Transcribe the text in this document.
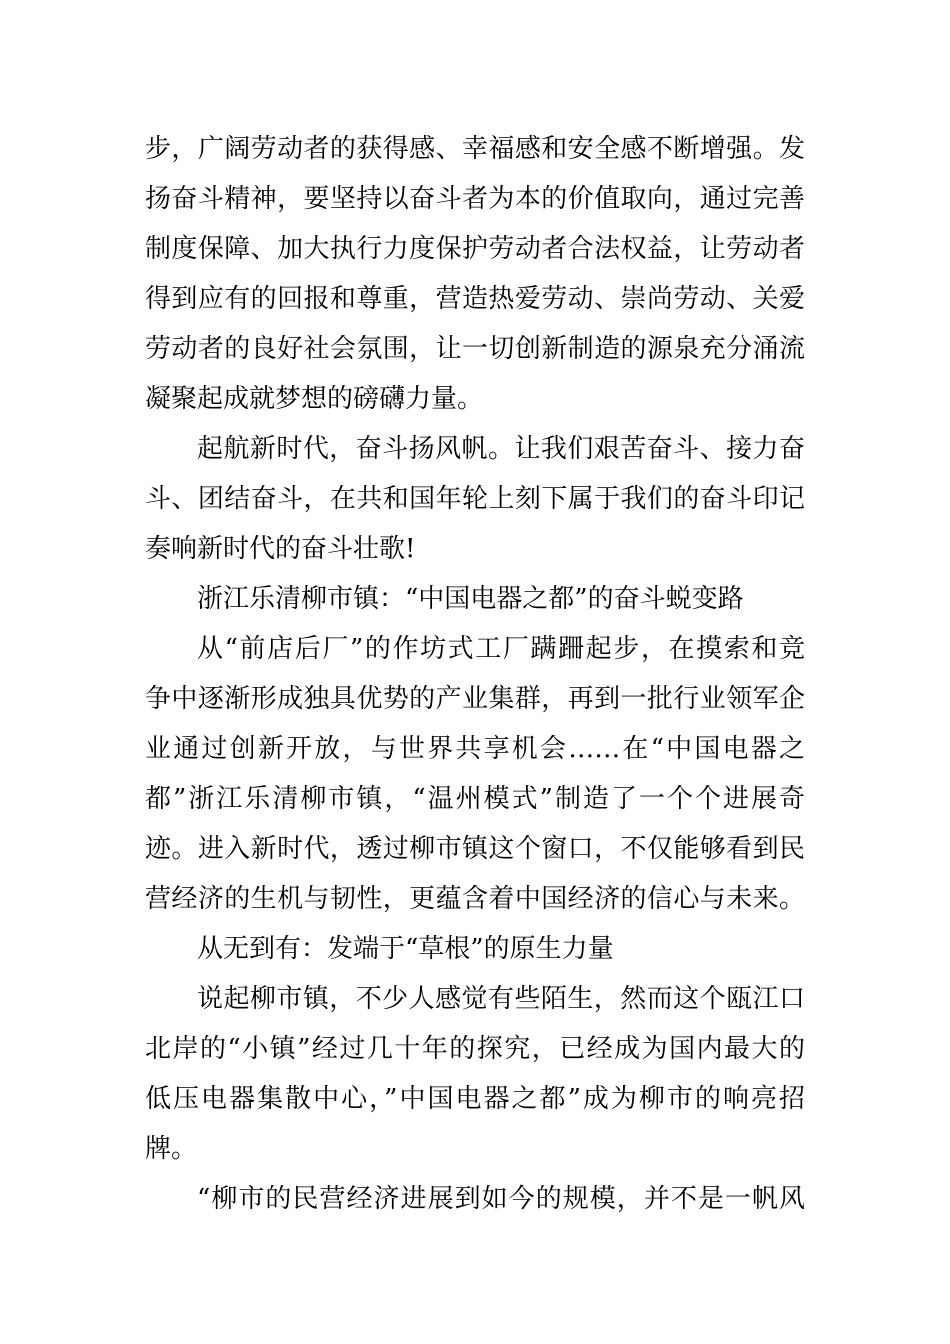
步，广阔劳动者的获得感、幸福感和安全感不断增强。发
扬奋斗精神，要坚持以奋斗者为本的价值取向，通过完善
制度保障、加大执行力度保护劳动者合法权益，让劳动者
得到应有的回报和尊重，营造热爱劳动、崇尚劳动、关爱
劳动者的良好社会氛围，让一切创新制造的源泉充分涌流
凝聚起成就梦想的磅礴力量。
起航新时代，奋斗扬风帆。让我们艰苦奋斗、接力奋
斗、团结奋斗，在共和国年轮上刻下属于我们的奋斗印记
奏响新时代的奋斗壮歌!
浙江乐清柳市镇：“中国电器之都”的奋斗蜕变路
从“前店后厂”的作坊式工厂蹒跚起步，在摸索和竞
争中逐渐形成独具优势的产业集群，再到一批行业领军企
业通过创新开放，与世界共享机会……在“中国电器之
都”浙江乐清柳市镇，“温州模式”制造了一个个进展奇
迹。进入新时代，透过柳市镇这个窗口，不仅能够看到民
营经济的生机与韧性，更蕴含着中国经济的信心与未来。
从无到有：发端于“草根”的原生力量
说起柳市镇，不少人感觉有些陌生，然而这个瓯江口
北岸的“小镇”经过几十年的探究，已经成为国内最大的
低压电器集散中心，”中国电器之都”成为柳市的响亮招
牌。
“柳市的民营经济进展到如今的规模，并不是一帆风
